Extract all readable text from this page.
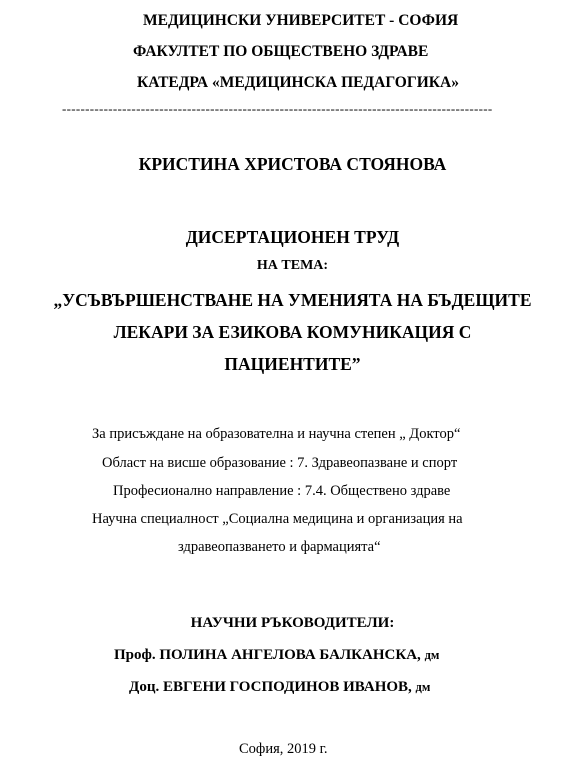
МЕДИЦИНСКИ УНИВЕРСИТЕТ - СОФИЯ
ФАКУЛТЕТ ПО ОБЩЕСТВЕНО ЗДРАВЕ
КАТЕДРА «МЕДИЦИНСКА ПЕДАГОГИКА»
---------------------------------------------------------------------------------------------
КРИСТИНА ХРИСТОВА СТОЯНОВА
ДИСЕРТАЦИОНЕН ТРУД
НА ТЕМА:
„УСЪВЪРШЕНСТВАНЕ НА УМЕНИЯТА НА БЪДЕЩИТЕ
ЛЕКАРИ ЗА ЕЗИКОВА КОМУНИКАЦИЯ С
ПАЦИЕНТИТЕ”
За присъждане на образователна и научна степен „ Доктор“
Област на висше образование : 7. Здравеопазване и спорт
Професионално направление : 7.4. Обществено здраве
Научна специалност „Социална медицина и организация на
здравеопазването и фармацията“
НАУЧНИ РЪКОВОДИТЕЛИ:
Проф. ПОЛИНА АНГЕЛОВА БАЛКАНСКА, дм
Доц. ЕВГЕНИ ГОСПОДИНОВ ИВАНОВ, дм
София, 2019 г.
